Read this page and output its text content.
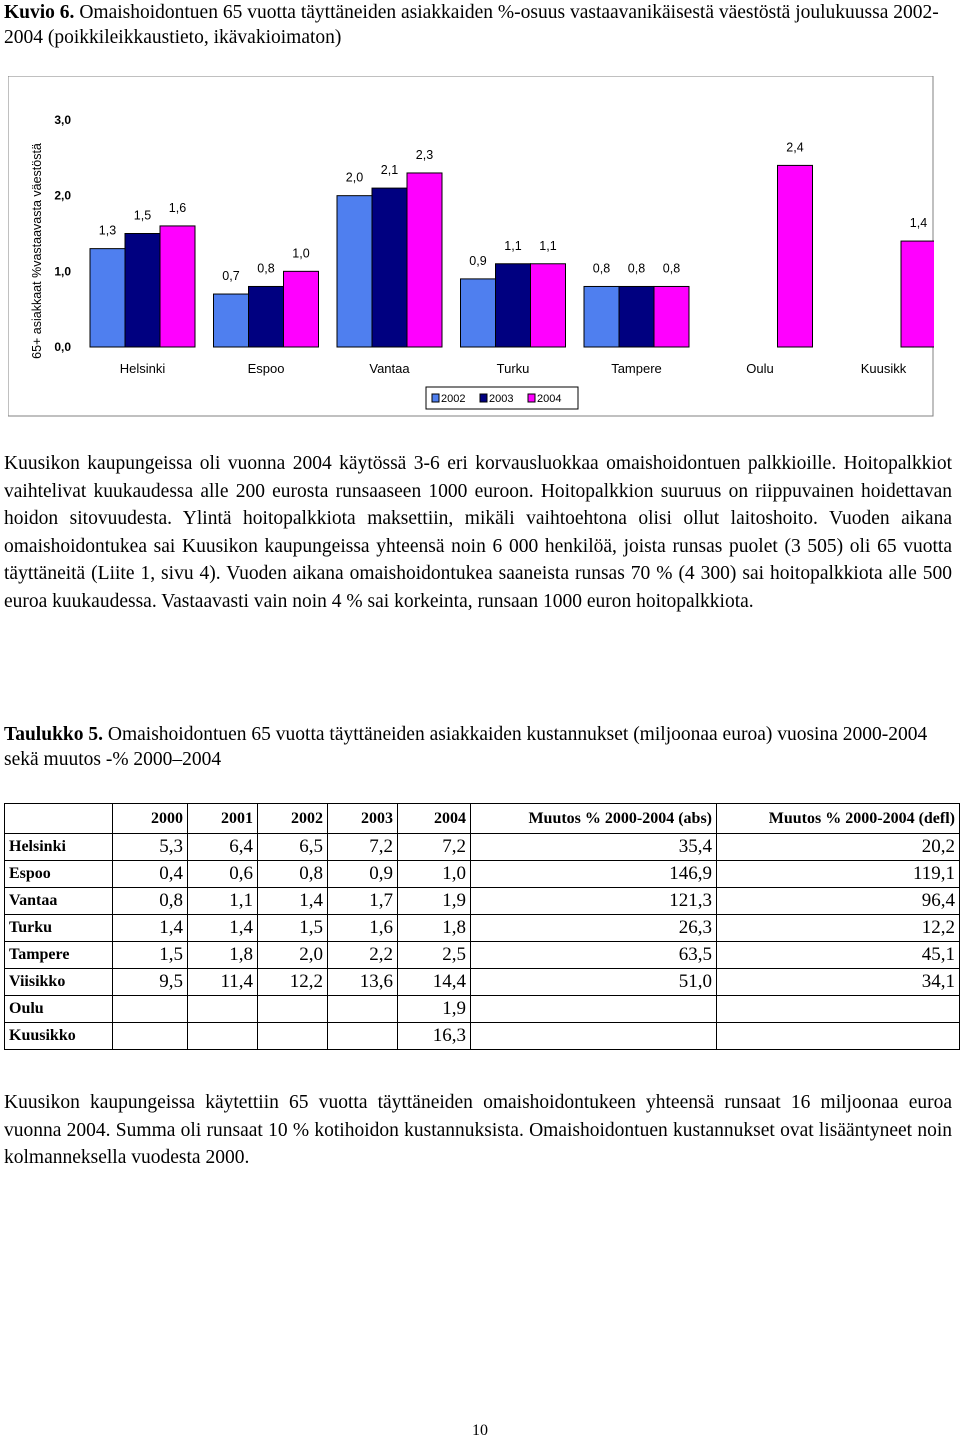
Kuvio 6. Omaishoidontuen 65 vuotta täyttäneiden asiakkaiden %-osuus vastaavanikäisestä väestöstä joulukuussa 2002-2004 (poikkileikkaustieto, ikävakioimaton)

65+ asiakkaat %vastaavasta väestöstä 0,0
1,0
2,0
3,0
1,3
1,5
1,6
0,7
0,8
1,0
2,0
2,1
2,3
0,9
1,1 1,1
0,8 0,8 0,8
2,4
1,4
Helsinki	Espoo	Vantaa	Turku	Tampere	Oulu	Kuusikk
2002 2003 2004

Kuusikon kaupungeissa oli vuonna 2004 käytössä 3-6 eri korvausluokkaa omaishoidontuen palkkioille. Hoitopalkkiot vaihtelivat kuukaudessa alle 200 eurosta runsaaseen 1000 euroon. Hoitopalkkion suuruus on riippuvainen hoidettavan hoidon sitovuudesta. Ylintä hoitopalkkiota maksettiin, mikäli vaihtoehtona olisi ollut laitoshoito. Vuoden aikana omaishoidontukea sai Kuusikon kaupungeissa yhteensä noin 6 000 henkilöä, joista runsas puolet (3 505) oli 65 vuotta täyttäneitä (Liite 1, sivu 4). Vuoden aikana omaishoidontukea saaneista runsas 70 % (4 300) sai hoitopalkkiota alle 500 euroa kuukaudessa. Vastaavasti vain noin 4 % sai korkeinta, runsaan 1000 euron hoitopalkkiota.

Taulukko 5. Omaishoidontuen 65 vuotta täyttäneiden asiakkaiden kustannukset (miljoonaa euroa) vuosina 2000-2004 sekä muutos -% 2000–2004

	2000	2001	2002	2003	2004	Muutos % 2000-2004 (abs)	Muutos % 2000-2004 (defl)
Helsinki	5,3	6,4	6,5	7,2	7,2	35,4	20,2
Espoo	0,4	0,6	0,8	0,9	1,0	146,9	119,1
Vantaa	0,8	1,1	1,4	1,7	1,9	121,3	96,4
Turku	1,4	1,4	1,5	1,6	1,8	26,3	12,2
Tampere	1,5	1,8	2,0	2,2	2,5	63,5	45,1
Viisikko	9,5	11,4	12,2	13,6	14,4	51,0	34,1
Oulu					1,9		
Kuusikko					16,3		

Kuusikon kaupungeissa käytettiin 65 vuotta täyttäneiden omaishoidontukeen yhteensä runsaat 16 miljoonaa euroa vuonna 2004. Summa oli runsaat 10 % kotihoidon kustannuksista. Omaishoidontuen kustannukset ovat lisääntyneet noin kolmanneksella vuodesta 2000.

10
